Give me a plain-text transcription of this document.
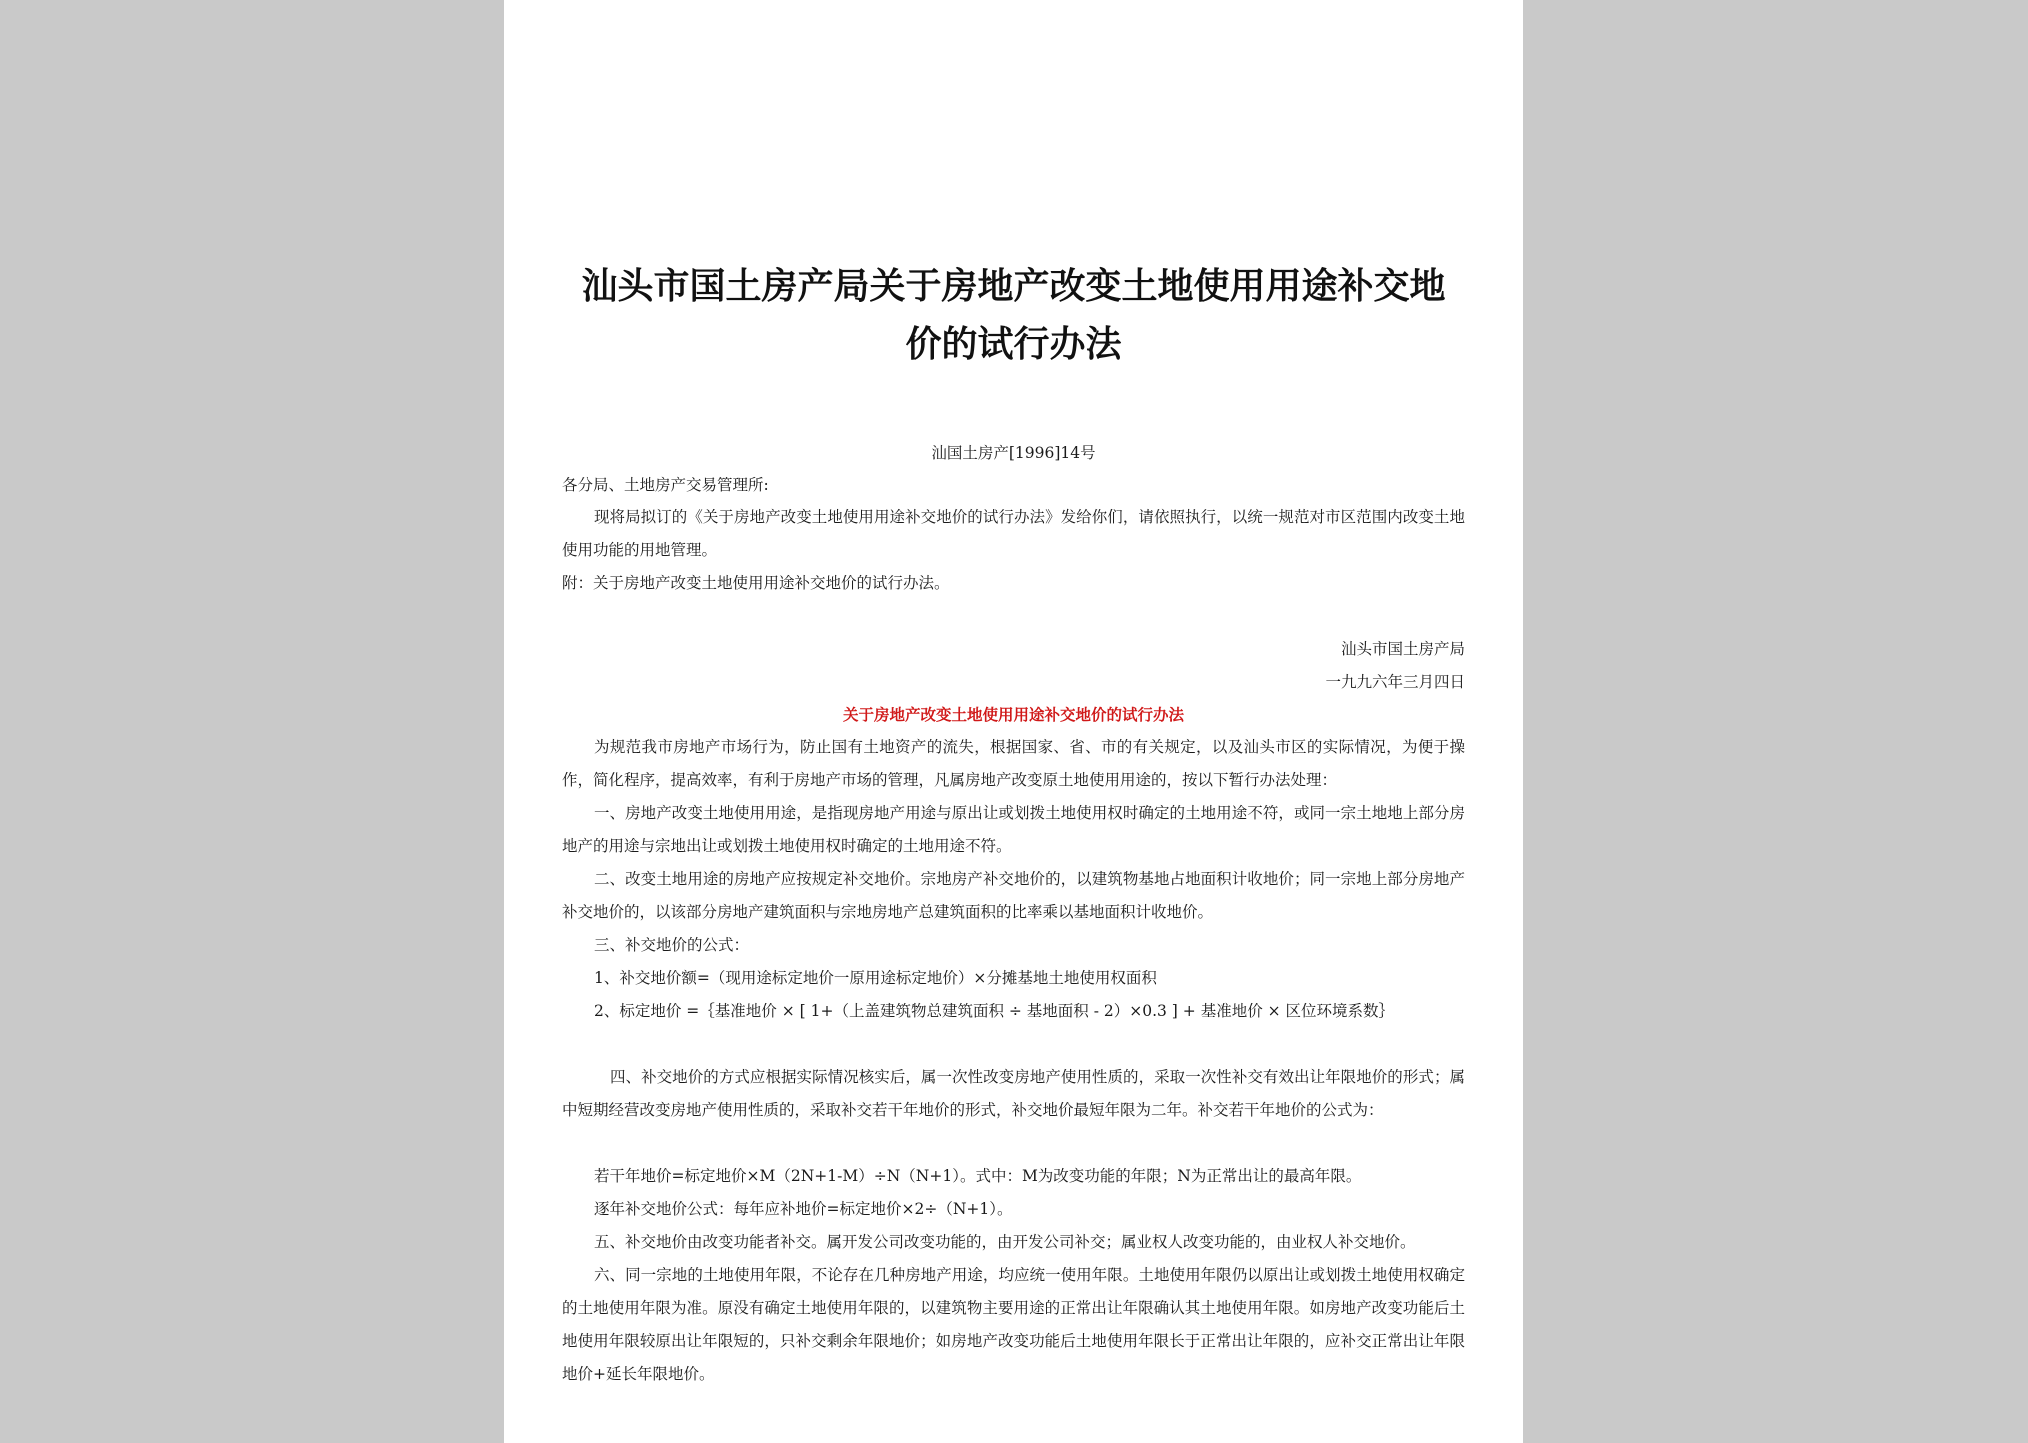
汕头市国土房产局关于房地产改变土地使用用途补交地
价的试行办法
汕国土房产[1996]14号
各分局、土地房产交易管理所:

现将局拟订的《关于房地产改变土地使用用途补交地价的试行办法》发给你们，请依照执行，以统一规范对市区范围内改变土地使用功能的用地管理。

附：关于房地产改变土地使用用途补交地价的试行办法。
汕头市国土房产局
一九九六年三月四日
关于房地产改变土地使用用途补交地价的试行办法

为规范我市房地产市场行为，防止国有土地资产的流失，根据国家、省、市的有关规定，以及汕头市区的实际情况，为便于操作，简化程序，提高效率，有利于房地产市场的管理，凡属房地产改变原土地使用用途的，按以下暂行办法处理：

一、房地产改变土地使用用途，是指现房地产用途与原出让或划拨土地使用权时确定的土地用途不符，或同一宗土地地上部分房地产的用途与宗地出让或划拨土地使用权时确定的土地用途不符。

二、改变土地用途的房地产应按规定补交地价。宗地房产补交地价的，以建筑物基地占地面积计收地价；同一宗地上部分房地产补交地价的，以该部分房地产建筑面积与宗地房地产总建筑面积的比率乘以基地面积计收地价。

三、补交地价的公式：
1、补交地价额=（现用途标定地价一原用途标定地价）×分摊基地土地使用权面积

2、标定地价 =｛基准地价 × [ 1+（上盖建筑物总建筑面积 ÷ 基地面积 - 2）×0.3 ] + 基准地价 × 区位环境系数｝

四、补交地价的方式应根据实际情况核实后，属一次性改变房地产使用性质的，采取一次性补交有效出让年限地价的形式；属中短期经营改变房地产使用性质的，采取补交若干年地价的形式，补交地价最短年限为二年。补交若干年地价的公式为：

若干年地价=标定地价×M（2N+1-M）÷N（N+1）。式中：M为改变功能的年限；N为正常出让的最高年限。
逐年补交地价公式：每年应补地价=标定地价×2÷（N+1）。
五、补交地价由改变功能者补交。属开发公司改变功能的，由开发公司补交；属业权人改变功能的，由业权人补交地价。

六、同一宗地的土地使用年限，不论存在几种房地产用途，均应统一使用年限。土地使用年限仍以原出让或划拨土地使用权确定的土地使用年限为准。原没有确定土地使用年限的，以建筑物主要用途的正常出让年限确认其土地使用年限。如房地产改变功能后土地使用年限较原出让年限短的，只补交剩余年限地价；如房地产改变功能后土地使用年限长于正常出让年限的，应补交正常出让年限地价+延长年限地价。
